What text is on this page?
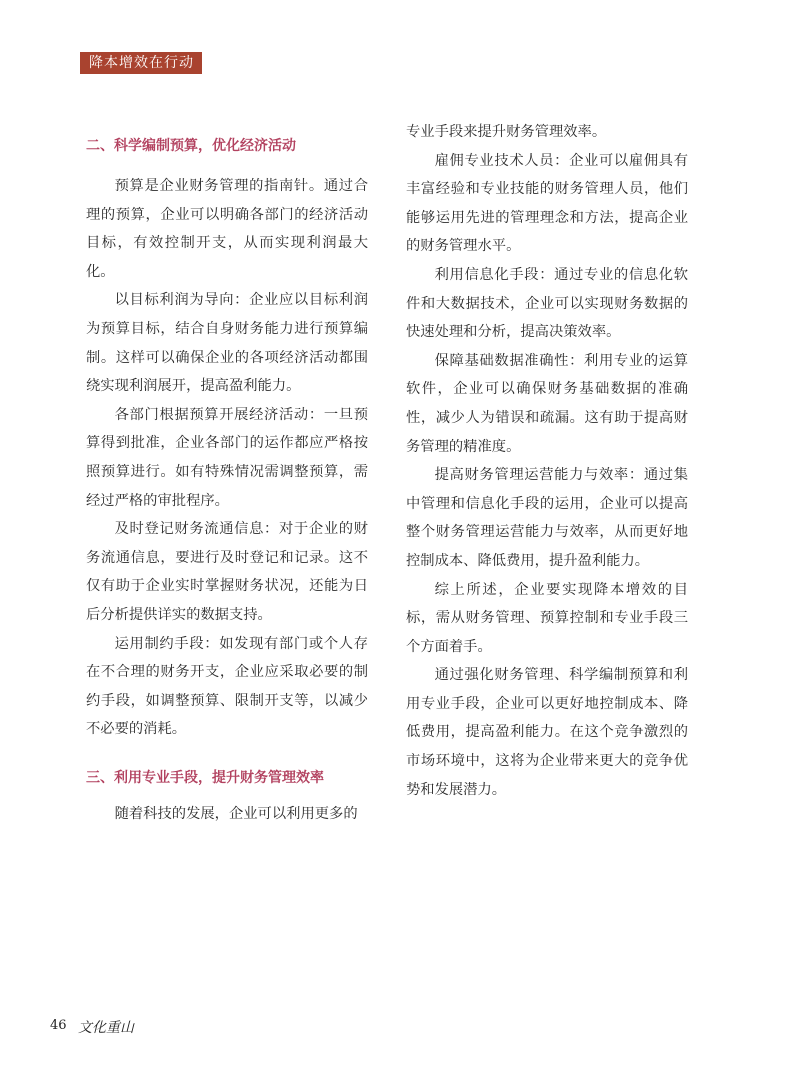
降本增效在行动

二、科学编制预算，优化经济活动

预算是企业财务管理的指南针。通过合理的预算，企业可以明确各部门的经济活动目标，有效控制开支，从而实现利润最大化。

以目标利润为导向：企业应以目标利润为预算目标，结合自身财务能力进行预算编制。这样可以确保企业的各项经济活动都围绕实现利润展开，提高盈利能力。

各部门根据预算开展经济活动：一旦预算得到批准，企业各部门的运作都应严格按照预算进行。如有特殊情况需调整预算，需经过严格的审批程序。

及时登记财务流通信息：对于企业的财务流通信息，要进行及时登记和记录。这不仅有助于企业实时掌握财务状况，还能为日后分析提供详实的数据支持。

运用制约手段：如发现有部门或个人存在不合理的财务开支，企业应采取必要的制约手段，如调整预算、限制开支等，以减少不必要的消耗。

三、利用专业手段，提升财务管理效率

随着科技的发展，企业可以利用更多的

专业手段来提升财务管理效率。

雇佣专业技术人员：企业可以雇佣具有丰富经验和专业技能的财务管理人员，他们能够运用先进的管理理念和方法，提高企业的财务管理水平。

利用信息化手段：通过专业的信息化软件和大数据技术，企业可以实现财务数据的快速处理和分析，提高决策效率。

保障基础数据准确性：利用专业的运算软件，企业可以确保财务基础数据的准确性，减少人为错误和疏漏。这有助于提高财务管理的精准度。

提高财务管理运营能力与效率：通过集中管理和信息化手段的运用，企业可以提高整个财务管理运营能力与效率，从而更好地控制成本、降低费用，提升盈利能力。

综上所述，企业要实现降本增效的目标，需从财务管理、预算控制和专业手段三个方面着手。

通过强化财务管理、科学编制预算和利用专业手段，企业可以更好地控制成本、降低费用，提高盈利能力。在这个竞争激烈的市场环境中，这将为企业带来更大的竞争优势和发展潜力。

46 文化重山
